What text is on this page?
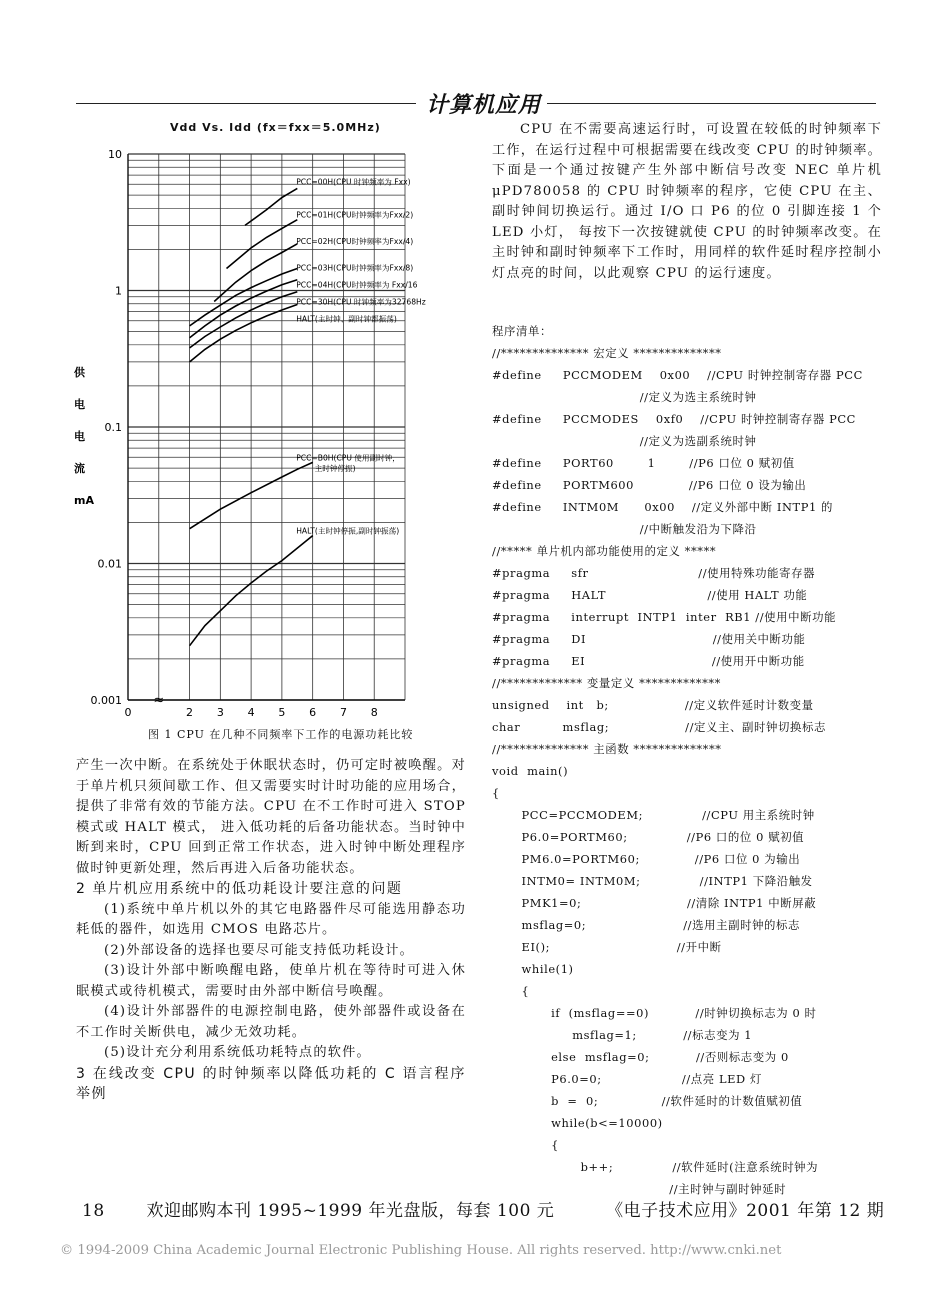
计算机应用
Vdd Vs. Idd (fx＝fxx＝5.0MHz)
10
1
0.1
0.01
0.001
0	2 3 4 5 6 7 8
≈
供
电
电
流
mA
PCC=00H(CPU 时钟频率为 Fxx)
PCC=01H(CPU时钟频率为Fxx/2)
PCC=02H(CPU时钟频率为Fxx/4)
PCC=03H(CPU时钟频率为Fxx/8)
PCC=04H(CPU时钟频率为 Fxx/16
PCC=30H(CPU 时钟频率为32768Hz
HALT(主时钟、副时钟都振荡)
PCC=B0H(CPU 使用副时钟，
主时钟停振)
HALT(主时钟停振,副时钟振荡)
图 1 CPU 在几种不同频率下工作的电源功耗比较
CPU 在不需要高速运行时，可设置在较低的时钟频率下工作，在运行过程中可根据需要在线改变 CPU 的时钟频率。下面是一个通过按键产生外部中断信号改变 NEC 单片机 μPD780058 的 CPU 时钟频率的程序，它使 CPU 在主、副时钟间切换运行。通过 I/O 口 P6 的位 0 引脚连接 1 个 LED 小灯， 每按下一次按键就使 CPU 的时钟频率改变。在主时钟和副时钟频率下工作时，用同样的软件延时程序控制小灯点亮的时间，以此观察 CPU 的运行速度。
程序清单：
//************** 宏定义 **************
#define     PCCMODEM    0x00    //CPU 时钟控制寄存器 PCC
//定义为选主系统时钟
#define     PCCMODES    0xf0    //CPU 时钟控制寄存器 PCC
//定义为选副系统时钟
#define     PORT60        1        //P6 口位 0 赋初值
#define     PORTM600             //P6 口位 0 设为输出
#define     INTM0M      0x00    //定义外部中断 INTP1 的
//中断触发沿为下降沿
//***** 单片机内部功能使用的定义 *****
#pragma     sfr                          //使用特殊功能寄存器
#pragma     HALT                        //使用 HALT 功能
#pragma     interrupt  INTP1  inter  RB1 //使用中断功能
#pragma     DI                              //使用关中断功能
#pragma     EI                              //使用开中断功能
//************* 变量定义 *************
unsigned    int   b;                  //定义软件延时计数变量
char          msflag;                  //定义主、副时钟切换标志
//************** 主函数 **************
void  main()
{
PCC=PCCMODEM;              //CPU 用主系统时钟
P6.0=PORTM60;              //P6 口的位 0 赋初值
PM6.0=PORTM60;             //P6 口位 0 为输出
INTM0= INTM0M;              //INTP1 下降沿触发
PMK1=0;                         //清除 INTP1 中断屏蔽
msflag=0;                       //选用主副时钟的标志
EI();                              //开中断
while(1)
{
if  (msflag==0)           //时钟切换标志为 0 时
msflag=1;           //标志变为 1
else  msflag=0;           //否则标志变为 0
P6.0=0;                   //点亮 LED 灯
b  =  0;               //软件延时的计数值赋初值
while(b<=10000)
{
b++;              //软件延时(注意系统时钟为
//主时钟与副时钟延时

产生一次中断。在系统处于休眠状态时，仍可定时被唤醒。对于单片机只须间歇工作、但又需要实时计时功能的应用场合，提供了非常有效的节能方法。CPU 在不工作时可进入 STOP 模式或 HALT 模式， 进入低功耗的后备功能状态。当时钟中断到来时，CPU 回到正常工作状态，进入时钟中断处理程序做时钟更新处理，然后再进入后备功能状态。

2 单片机应用系统中的低功耗设计要注意的问题

(1)系统中单片机以外的其它电路器件尽可能选用静态功耗低的器件，如选用 CMOS 电路芯片。

(2)外部设备的选择也要尽可能支持低功耗设计。

(3)设计外部中断唤醒电路，使单片机在等待时可进入休眠模式或待机模式，需要时由外部中断信号唤醒。

(4)设计外部器件的电源控制电路，使外部器件或设备在不工作时关断供电，减少无效功耗。

(5)设计充分利用系统低功耗特点的软件。

3 在线改变 CPU 的时钟频率以降低功耗的 C 语言程序举例

18 欢迎邮购本刊 1995~1999 年光盘版，每套 100 元	《电子技术应用》2001 年第 12 期
© 1994-2009 China Academic Journal Electronic Publishing House. All rights reserved. http://www.cnki.net
